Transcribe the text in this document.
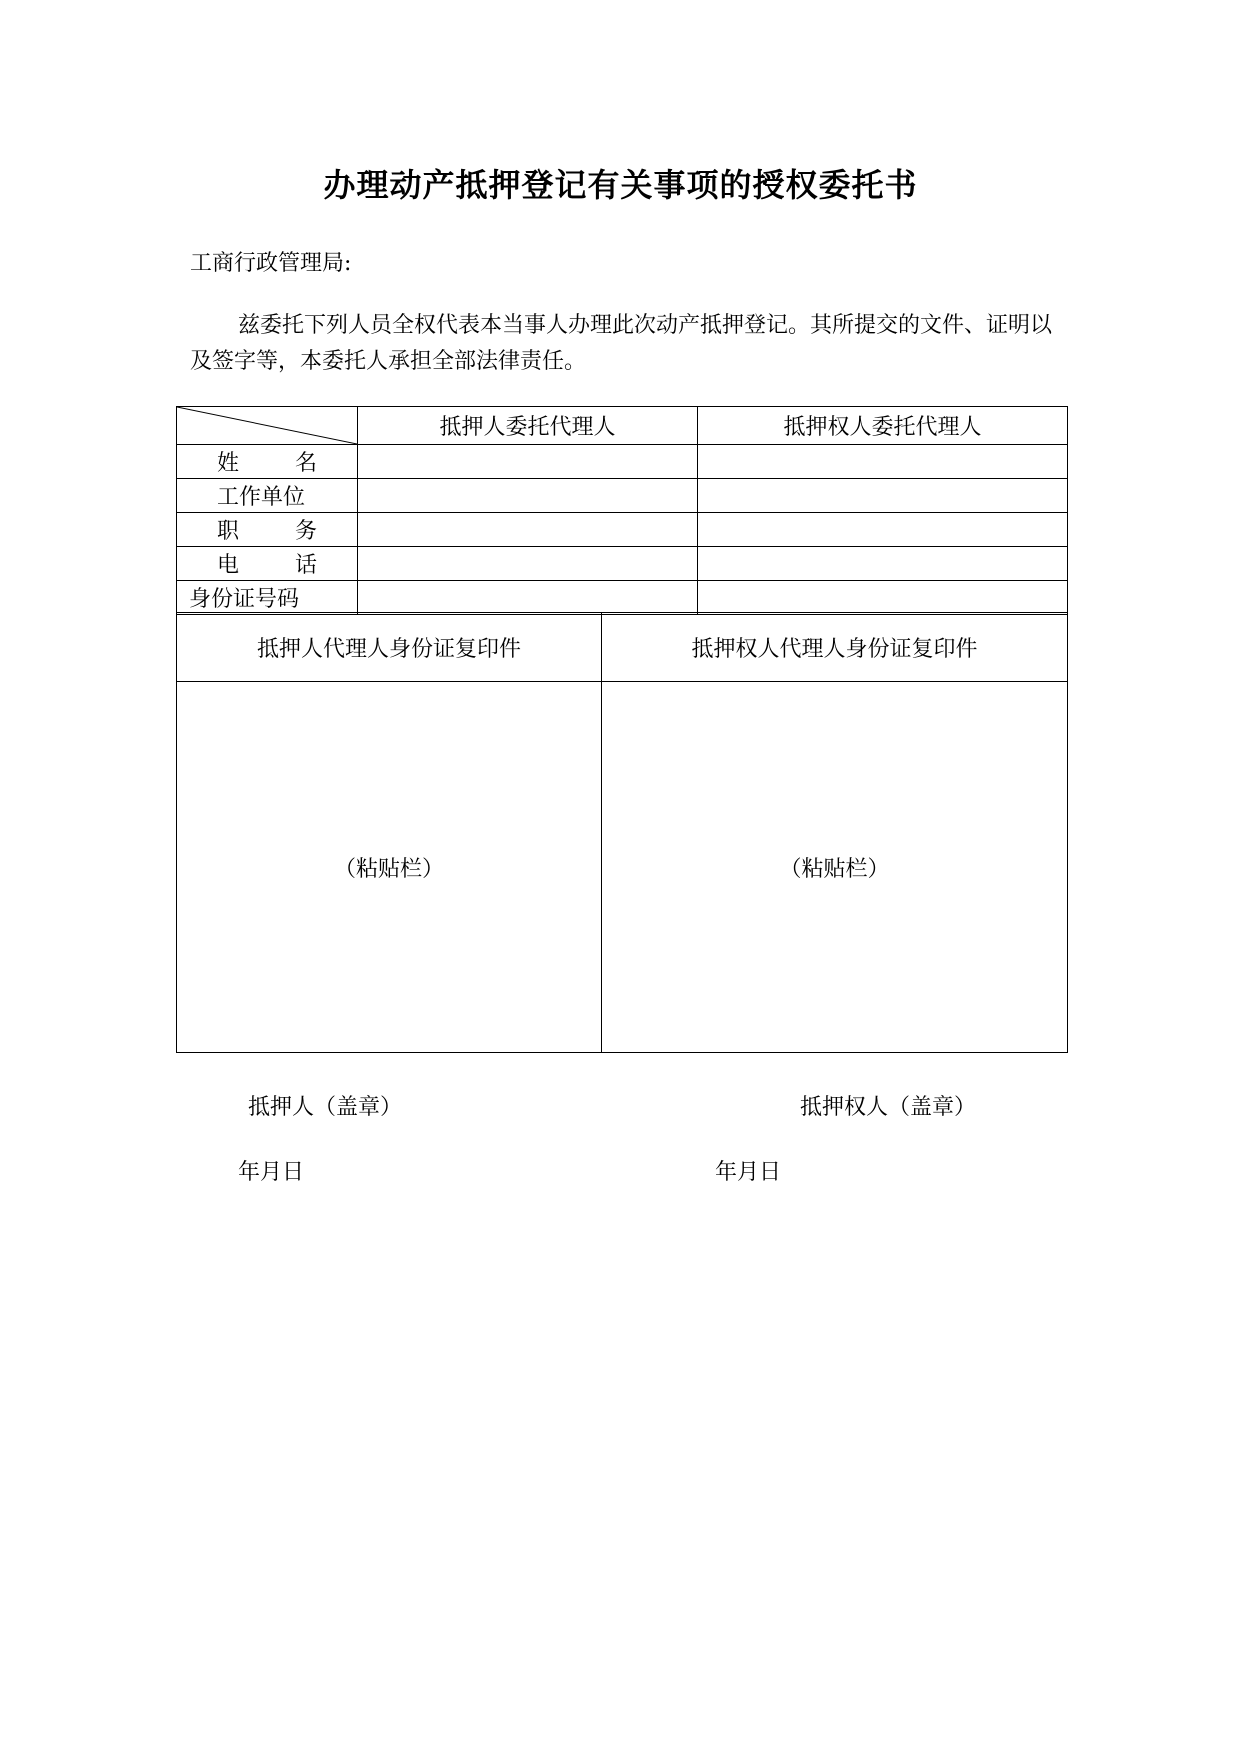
办理动产抵押登记有关事项的授权委托书
工商行政管理局:
兹委托下列人员全权代表本当事人办理此次动产抵押登记。其所提交的文件、证明以及签字等，本委托人承担全部法律责任。
	抵押人委托代理人	抵押权人委托代理人

姓 名		

工作单位		

职 务		

电 话		

身份证号码		

抵押人代理人身份证复印件	抵押权人代理人身份证复印件
（粘贴栏）	（粘贴栏）
抵押人（盖章）	抵押权人（盖章）
年月日	年月日
